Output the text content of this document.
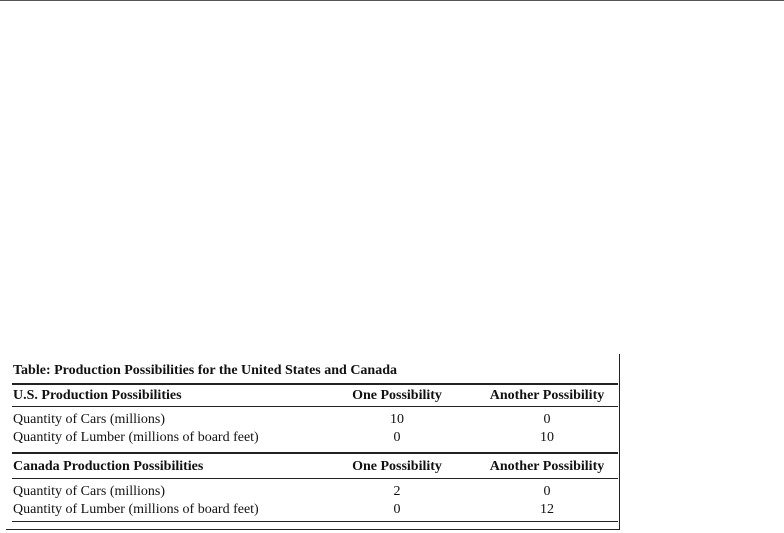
Table: Production Possibilities for the United States and Canada
U.S. Production Possibilities	One Possibility	Another Possibility
Quantity of Cars (millions)	10	0
Quantity of Lumber (millions of board feet)	0	10
Canada Production Possibilities	One Possibility	Another Possibility
Quantity of Cars (millions)	2	0
Quantity of Lumber (millions of board feet)	0	12
